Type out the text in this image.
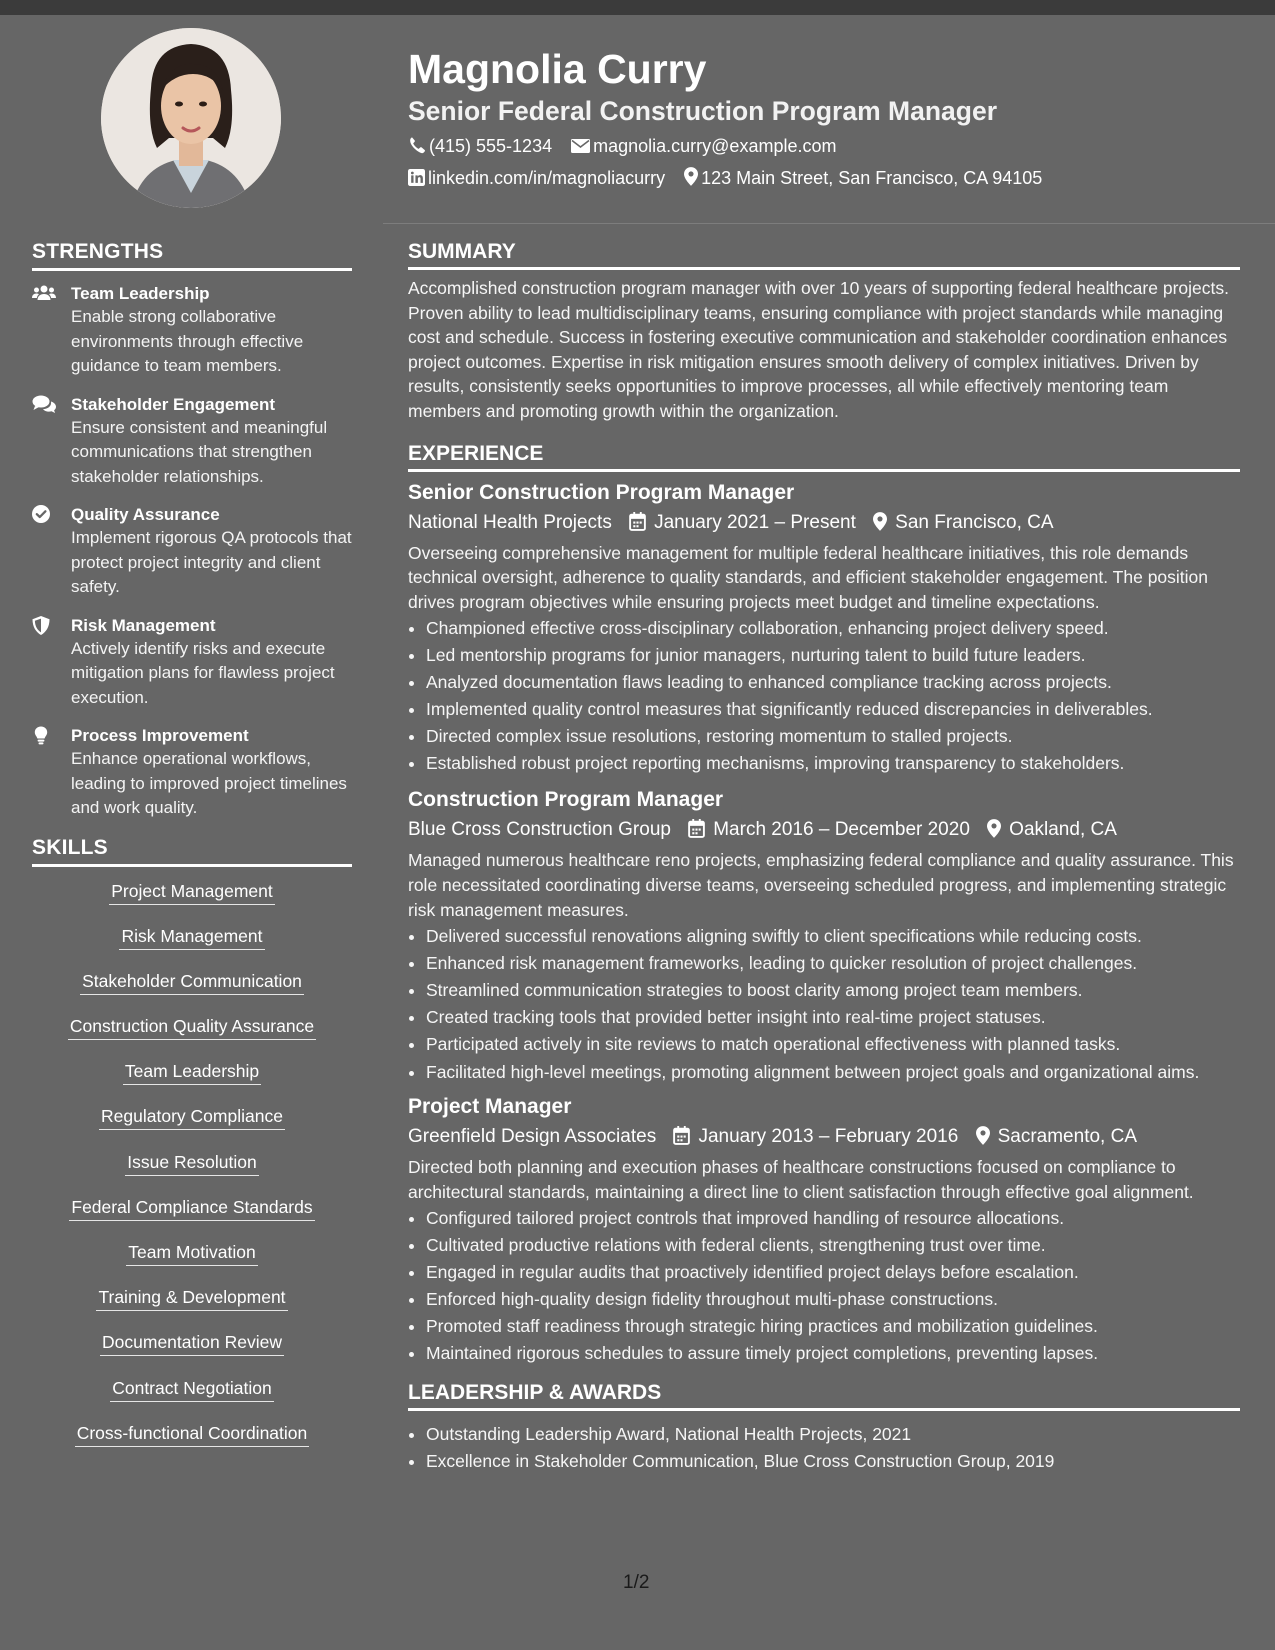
Magnolia Curry
Senior Federal Construction Program Manager
(415) 555-1234 magnolia.curry@example.com
linkedin.com/in/magnoliacurry 123 Main Street, San Francisco, CA 94105
STRENGTHS
Team Leadership
Enable strong collaborative environments through effective guidance to team members.
Stakeholder Engagement
Ensure consistent and meaningful communications that strengthen stakeholder relationships.
Quality Assurance
Implement rigorous QA protocols that protect project integrity and client safety.
Risk Management
Actively identify risks and execute mitigation plans for flawless project execution.
Process Improvement
Enhance operational workflows, leading to improved project timelines and work quality.
SKILLS
Project Management
Risk Management
Stakeholder Communication
Construction Quality Assurance
Team Leadership
Regulatory Compliance
Issue Resolution
Federal Compliance Standards
Team Motivation
Training & Development
Documentation Review
Contract Negotiation
Cross-functional Coordination
SUMMARY

Accomplished construction program manager with over 10 years of supporting federal healthcare projects. Proven ability to lead multidisciplinary teams, ensuring compliance with project standards while managing cost and schedule. Success in fostering executive communication and stakeholder coordination enhances project outcomes. Expertise in risk mitigation ensures smooth delivery of complex initiatives. Driven by results, consistently seeks opportunities to improve processes, all while effectively mentoring team members and promoting growth within the organization.

EXPERIENCE
Senior Construction Program Manager
National Health Projects January 2021 – Present San Francisco, CA

Overseeing comprehensive management for multiple federal healthcare initiatives, this role demands technical oversight, adherence to quality standards, and efficient stakeholder engagement. The position drives program objectives while ensuring projects meet budget and timeline expectations.

• Championed effective cross-disciplinary collaboration, enhancing project delivery speed.
• Led mentorship programs for junior managers, nurturing talent to build future leaders.
• Analyzed documentation flaws leading to enhanced compliance tracking across projects.
• Implemented quality control measures that significantly reduced discrepancies in deliverables.
• Directed complex issue resolutions, restoring momentum to stalled projects.
• Established robust project reporting mechanisms, improving transparency to stakeholders.
Construction Program Manager
Blue Cross Construction Group March 2016 – December 2020 Oakland, CA

Managed numerous healthcare reno projects, emphasizing federal compliance and quality assurance. This role necessitated coordinating diverse teams, overseeing scheduled progress, and implementing strategic risk management measures.

• Delivered successful renovations aligning swiftly to client specifications while reducing costs.
• Enhanced risk management frameworks, leading to quicker resolution of project challenges.
• Streamlined communication strategies to boost clarity among project team members.
• Created tracking tools that provided better insight into real-time project statuses.
• Participated actively in site reviews to match operational effectiveness with planned tasks.
• Facilitated high-level meetings, promoting alignment between project goals and organizational aims.
Project Manager
Greenfield Design Associates January 2013 – February 2016 Sacramento, CA

Directed both planning and execution phases of healthcare constructions focused on compliance to architectural standards, maintaining a direct line to client satisfaction through effective goal alignment.

• Configured tailored project controls that improved handling of resource allocations.
• Cultivated productive relations with federal clients, strengthening trust over time.
• Engaged in regular audits that proactively identified project delays before escalation.
• Enforced high-quality design fidelity throughout multi-phase constructions.
• Promoted staff readiness through strategic hiring practices and mobilization guidelines.
• Maintained rigorous schedules to assure timely project completions, preventing lapses.
LEADERSHIP & AWARDS
• Outstanding Leadership Award, National Health Projects, 2021
• Excellence in Stakeholder Communication, Blue Cross Construction Group, 2019
1/2
